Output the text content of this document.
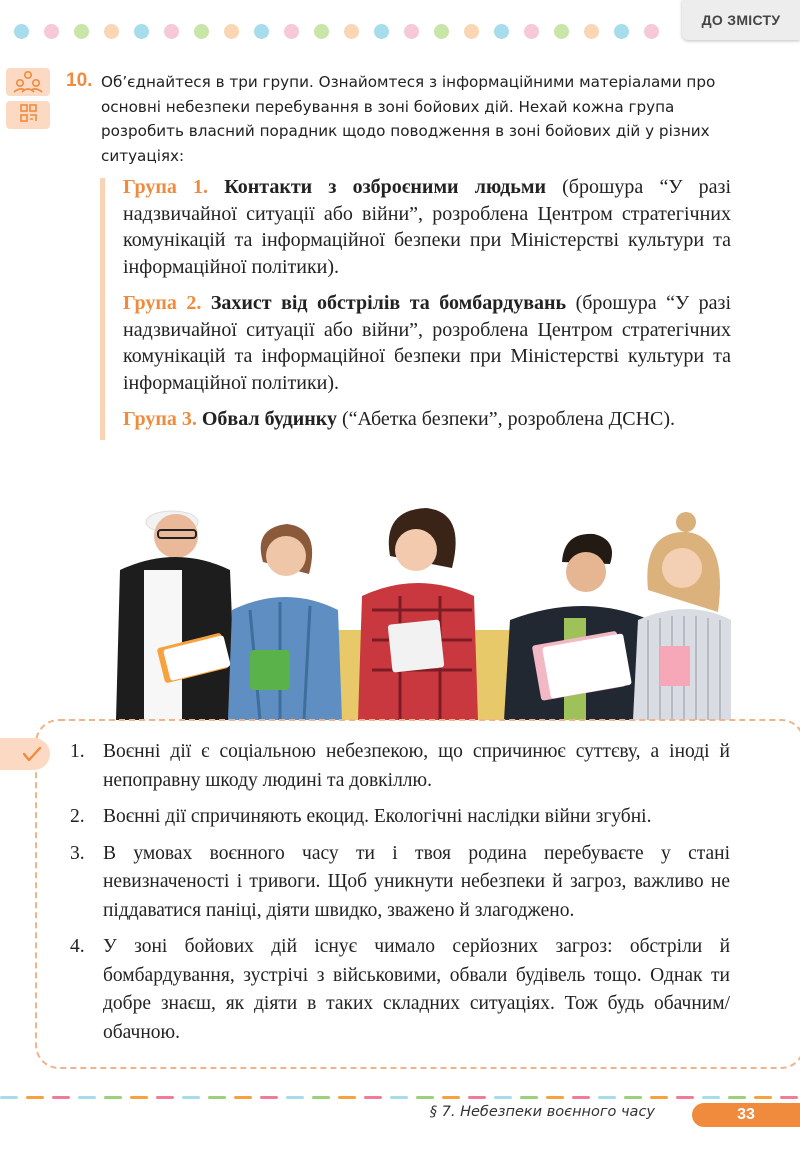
ДО ЗМІСТУ
10. Об’єднайтеся в три групи. Ознайомтеся з інформаційними матеріалами про основні небезпеки перебування в зоні бойових дій. Нехай кожна група розробить власний порадник щодо поводження в зоні бойових дій у різних ситуаціях:

Група 1. Контакти з озброєними людьми (брошура “У разі надзвичайної ситуації або війни”, розроблена Центром стратегічних комунікацій та інформаційної безпеки при Міністерстві культури та інформаційної політики).

Група 2. Захист від обстрілів та бомбардувань (брошура “У разі надзвичайної ситуації або війни”, розроблена Центром стратегічних комунікацій та інформаційної безпеки при Міністерстві культури та інформаційної політики).

Група 3. Обвал будинку (“Абетка безпеки”, розроблена ДСНС).

1. Воєнні дії є соціальною небезпекою, що спричинює суттєву, а іноді й непоправну шкоду людині та довкіллю.
2. Воєнні дії спричиняють екоцид. Екологічні наслідки війни згубні.
3. В умовах воєнного часу ти і твоя родина перебуваєте у стані невизначеності і тривоги. Щоб уникнути небезпеки й загроз, важливо не піддаватися паніці, діяти швидко, зважено й злагоджено.
4. У зоні бойових дій існує чимало серйозних загроз: обстріли й бомбардування, зустрічі з військовими, обвали будівель тощо. Однак ти добре знаєш, як діяти в таких складних ситуаціях. Тож будь обачним/обачною.
§ 7. Небезпеки воєнного часу	33
